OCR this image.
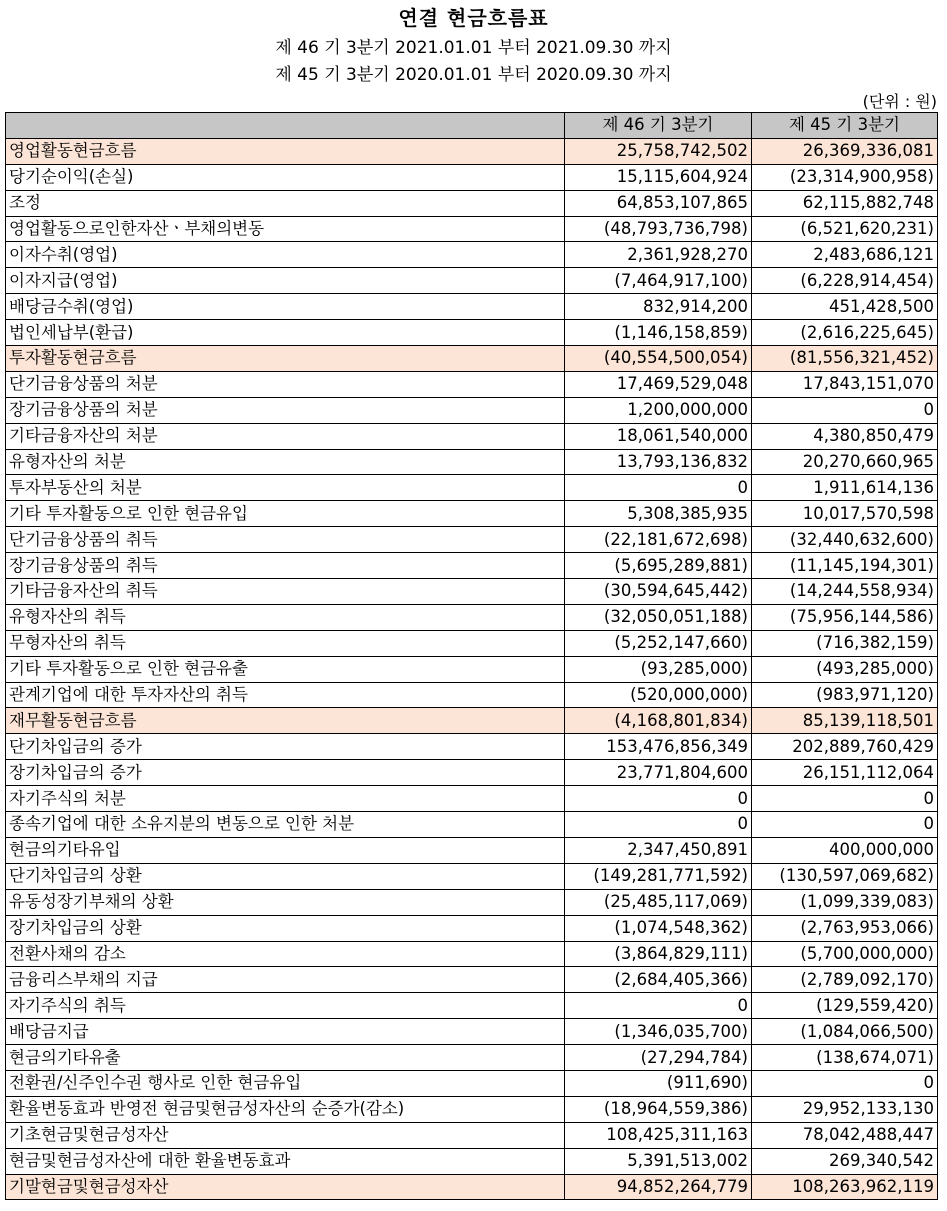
연결 현금흐름표
제 46 기 3분기 2021.01.01 부터 2021.09.30 까지
제 45 기 3분기 2020.01.01 부터 2020.09.30 까지
(단위 : 원)
	제 46 기 3분기	제 45 기 3분기
영업활동현금흐름	25,758,742,502	26,369,336,081
당기순이익(손실)	15,115,604,924	(23,314,900,958)
조정	64,853,107,865	62,115,882,748
영업활동으로인한자산ㆍ부채의변동	(48,793,736,798)	(6,521,620,231)
이자수취(영업)	2,361,928,270	2,483,686,121
이자지급(영업)	(7,464,917,100)	(6,228,914,454)
배당금수취(영업)	832,914,200	451,428,500
법인세납부(환급)	(1,146,158,859)	(2,616,225,645)
투자활동현금흐름	(40,554,500,054)	(81,556,321,452)
단기금융상품의 처분	17,469,529,048	17,843,151,070
장기금융상품의 처분	1,200,000,000	0
기타금융자산의 처분	18,061,540,000	4,380,850,479
유형자산의 처분	13,793,136,832	20,270,660,965
투자부동산의 처분	0	1,911,614,136
기타 투자활동으로 인한 현금유입	5,308,385,935	10,017,570,598
단기금융상품의 취득	(22,181,672,698)	(32,440,632,600)
장기금융상품의 취득	(5,695,289,881)	(11,145,194,301)
기타금융자산의 취득	(30,594,645,442)	(14,244,558,934)
유형자산의 취득	(32,050,051,188)	(75,956,144,586)
무형자산의 취득	(5,252,147,660)	(716,382,159)
기타 투자활동으로 인한 현금유출	(93,285,000)	(493,285,000)
관계기업에 대한 투자자산의 취득	(520,000,000)	(983,971,120)
재무활동현금흐름	(4,168,801,834)	85,139,118,501
단기차입금의 증가	153,476,856,349	202,889,760,429
장기차입금의 증가	23,771,804,600	26,151,112,064
자기주식의 처분	0	0
종속기업에 대한 소유지분의 변동으로 인한 처분	0	0
현금의기타유입	2,347,450,891	400,000,000
단기차입금의 상환	(149,281,771,592)	(130,597,069,682)
유동성장기부채의 상환	(25,485,117,069)	(1,099,339,083)
장기차입금의 상환	(1,074,548,362)	(2,763,953,066)
전환사채의 감소	(3,864,829,111)	(5,700,000,000)
금융리스부채의 지급	(2,684,405,366)	(2,789,092,170)
자기주식의 취득	0	(129,559,420)
배당금지급	(1,346,035,700)	(1,084,066,500)
현금의기타유출	(27,294,784)	(138,674,071)
전환권/신주인수권 행사로 인한 현금유입	(911,690)	0
환율변동효과 반영전 현금및현금성자산의 순증가(감소)	(18,964,559,386)	29,952,133,130
기초현금및현금성자산	108,425,311,163	78,042,488,447
현금및현금성자산에 대한 환율변동효과	5,391,513,002	269,340,542
기말현금및현금성자산	94,852,264,779	108,263,962,119
